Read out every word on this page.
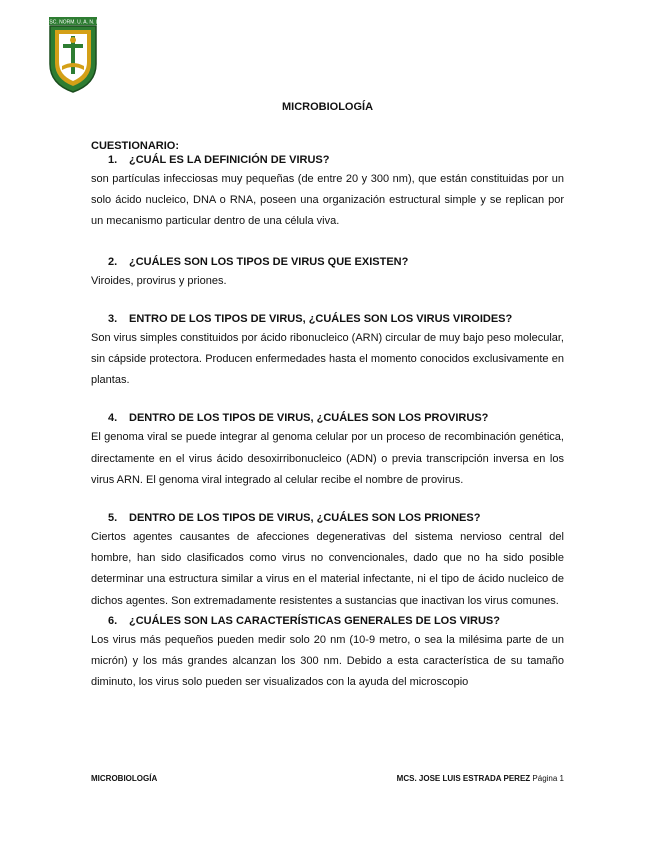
ESC. NORM. U. A. N. L.
MICROBIOLOGÍA
CUESTIONARIO:
1. ¿CUÁL ES LA DEFINICIÓN DE VIRUS?
son partículas infecciosas muy pequeñas (de entre 20 y 300 nm), que están constituidas por un solo ácido nucleico, DNA o RNA, poseen una organización estructural simple y se replican por un mecanismo particular dentro de una célula viva.
2. ¿CUÁLES SON LOS TIPOS DE VIRUS QUE EXISTEN?
Viroides, provirus y priones.
3. ENTRO DE LOS TIPOS DE VIRUS, ¿CUÁLES SON LOS VIRUS VIROIDES?
Son virus simples constituidos por ácido ribonucleico (ARN) circular de muy bajo peso molecular, sin cápside protectora. Producen enfermedades hasta el momento conocidos exclusivamente en plantas.
4. DENTRO DE LOS TIPOS DE VIRUS, ¿CUÁLES SON LOS PROVIRUS?
El genoma viral se puede integrar al genoma celular por un proceso de recombinación genética, directamente en el virus ácido desoxirribonucleico (ADN) o previa transcripción inversa en los virus ARN. El genoma viral integrado al celular recibe el nombre de provirus.
5. DENTRO DE LOS TIPOS DE VIRUS, ¿CUÁLES SON LOS PRIONES?
Ciertos agentes causantes de afecciones degenerativas del sistema nervioso central del hombre, han sido clasificados como virus no convencionales, dado que no ha sido posible determinar una estructura similar a virus en el material infectante, ni el tipo de ácido nucleico de dichos agentes. Son extremadamente resistentes a sustancias que inactivan los virus comunes.
6. ¿CUÁLES SON LAS CARACTERÍSTICAS GENERALES DE LOS VIRUS?
Los virus más pequeños pueden medir solo 20 nm (10-9 metro, o sea la milésima parte de un micrón) y los más grandes alcanzan los 300 nm. Debido a esta característica de su tamaño diminuto, los virus solo pueden ser visualizados con la ayuda del microscopio
MICROBIOLOGÍA	MCS. JOSE LUIS ESTRADA PEREZ Página 1
